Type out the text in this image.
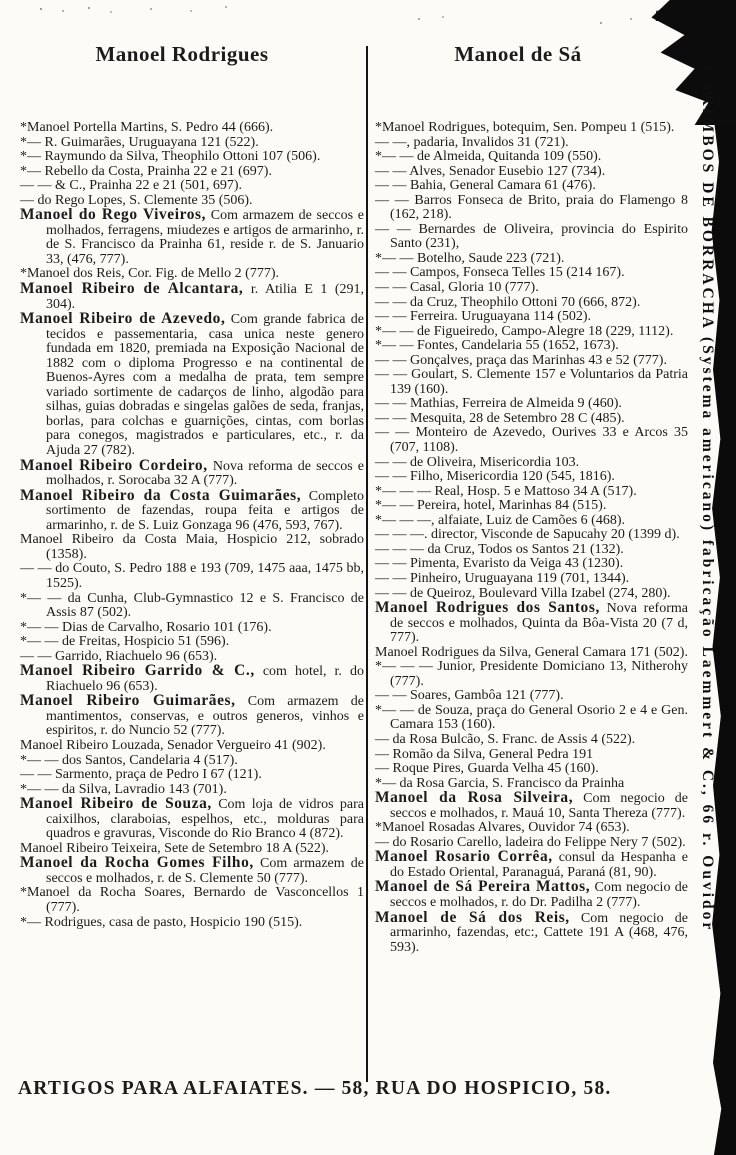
Manoel Rodrigues	Manoel de Sá
*Manoel Portella Martins, S. Pedro 44 (666).
*— R. Guimarães, Uruguayana 121 (522).
*— Raymundo da Silva, Theophilo Ottoni 107 (506).
*— Rebello da Costa, Prainha 22 e 21 (697).
— — & C., Prainha 22 e 21 (501, 697).
— do Rego Lopes, S. Clemente 35 (506).
Manoel do Rego Viveiros, Com armazem de seccos e molhados, ferragens, miudezes e artigos de armarinho, r. de S. Francisco da Prainha 61, reside r. de S. Januario 33, (476, 777).
*Manoel dos Reis, Cor. Fig. de Mello 2 (777).
Manoel Ribeiro de Alcantara, r. Atilia E 1 (291, 304).
Manoel Ribeiro de Azevedo, Com grande fabrica de tecidos e passementaria, casa unica neste genero fundada em 1820, premiada na Exposição Nacional de 1882 com o diploma Progresso e na continental de Buenos-Ayres com a medalha de prata, tem sempre variado sortimente de cadarços de linho, algodão para silhas, guias dobradas e singelas galões de seda, franjas, borlas, para colchas e guarnições, cintas, com borlas para conegos, magistrados e particulares, etc., r. da Ajuda 27 (782).
Manoel Ribeiro Cordeiro, Nova reforma de seccos e molhados, r. Sorocaba 32 A (777).
Manoel Ribeiro da Costa Guimarães, Completo sortimento de fazendas, roupa feita e artigos de armarinho, r. de S. Luiz Gonzaga 96 (476, 593, 767).
Manoel Ribeiro da Costa Maia, Hospicio 212, sobrado (1358).
— — do Couto, S. Pedro 188 e 193 (709, 1475 aaa, 1475 bb, 1525).
*— — da Cunha, Club-Gymnastico 12 e S. Francisco de Assis 87 (502).
*— — Dias de Carvalho, Rosario 101 (176).
*— — de Freitas, Hospicio 51 (596).
— — Garrido, Riachuelo 96 (653).
Manoel Ribeiro Garrido & C., com hotel, r. do Riachuelo 96 (653).
Manoel Ribeiro Guimarães, Com armazem de mantimentos, conservas, e outros generos, vinhos e espiritos, r. do Nuncio 52 (777).
Manoel Ribeiro Louzada, Senador Vergueiro 41 (902).
*— — dos Santos, Candelaria 4 (517).
— — Sarmento, praça de Pedro I 67 (121).
*— — da Silva, Lavradio 143 (701).
Manoel Ribeiro de Souza, Com loja de vidros para caixilhos, claraboias, espelhos, etc., molduras para quadros e gravuras, Visconde do Rio Branco 4 (872).
Manoel Ribeiro Teixeira, Sete de Setembro 18 A (522).
Manoel da Rocha Gomes Filho, Com armazem de seccos e molhados, r. de S. Clemente 50 (777).
*Manoel da Rocha Soares, Bernardo de Vasconcellos 1 (777).
*— Rodrigues, casa de pasto, Hospicio 190 (515).
*Manoel Rodrigues, botequim, Sen. Pompeu 1 (515).
— —, padaria, Invalidos 31 (721).
*— — de Almeida, Quitanda 109 (550).
— — Alves, Senador Eusebio 127 (734).
— — Bahia, General Camara 61 (476).
— — Barros Fonseca de Brito, praia do Flamengo 8 (162, 218).
— — Bernardes de Oliveira, provincia do Espirito Santo (231),
*— — Botelho, Saude 223 (721).
— — Campos, Fonseca Telles 15 (214 167).
— — Casal, Gloria 10 (777).
— — da Cruz, Theophilo Ottoni 70 (666, 872).
— — Ferreira. Uruguayana 114 (502).
*— — de Figueiredo, Campo-Alegre 18 (229, 1112).
*— — Fontes, Candelaria 55 (1652, 1673).
— — Gonçalves, praça das Marinhas 43 e 52 (777).
— — Goulart, S. Clemente 157 e Voluntarios da Patria 139 (160).
— — Mathias, Ferreira de Almeida 9 (460).
— — Mesquita, 28 de Setembro 28 C (485).
— — Monteiro de Azevedo, Ourives 33 e Arcos 35 (707, 1108).
— — de Oliveira, Misericordia 103.
— — Filho, Misericordia 120 (545, 1816).
*— — — Real, Hosp. 5 e Mattoso 34 A (517).
*— — Pereira, hotel, Marinhas 84 (515).
*— — —, alfaiate, Luiz de Camões 6 (468).
— — —. director, Visconde de Sapucahy 20 (1399 d).
— — — da Cruz, Todos os Santos 21 (132).
— — Pimenta, Evaristo da Veiga 43 (1230).
— — Pinheiro, Uruguayana 119 (701, 1344).
— — de Queiroz, Boulevard Villa Izabel (274, 280).
Manoel Rodrigues dos Santos, Nova reforma de seccos e molhados, Quinta da Bôa-Vista 20 (7 d, 777).
Manoel Rodrigues da Silva, General Camara 171 (502).
*— — — Junior, Presidente Domiciano 13, Nitherohy (777).
— — Soares, Gambôa 121 (777).
*— — de Souza, praça do General Osorio 2 e 4 e Gen. Camara 153 (160).
— da Rosa Bulcão, S. Franc. de Assis 4 (522).
— Romão da Silva, General Pedra 191
— Roque Pires, Guarda Velha 45 (160).
*— da Rosa Garcia, S. Francisco da Prainha
Manoel da Rosa Silveira, Com negocio de seccos e molhados, r. Mauá 10, Santa Thereza (777).
*Manoel Rosadas Alvares, Ouvidor 74 (653).
— do Rosario Carello, ladeira do Felippe Nery 7 (502).
Manoel Rosario Corrêa, consul da Hespanha e do Estado Oriental, Paranaguá, Paraná (81, 90).
Manoel de Sá Pereira Mattos, Com negocio de seccos e molhados, r. do Dr. Padilha 2 (777).
Manoel de Sá dos Reis, Com negocio de armarinho, fazendas, etc:, Cattete 191 A (468, 476, 593).
ARTIGOS PARA ALFAIATES. — 58, RUA DO HOSPICIO, 58.
CARIMBOS DE BORRACHA (Systema americano) fabricação Laemmert & C., 66 r. Ouvidor
